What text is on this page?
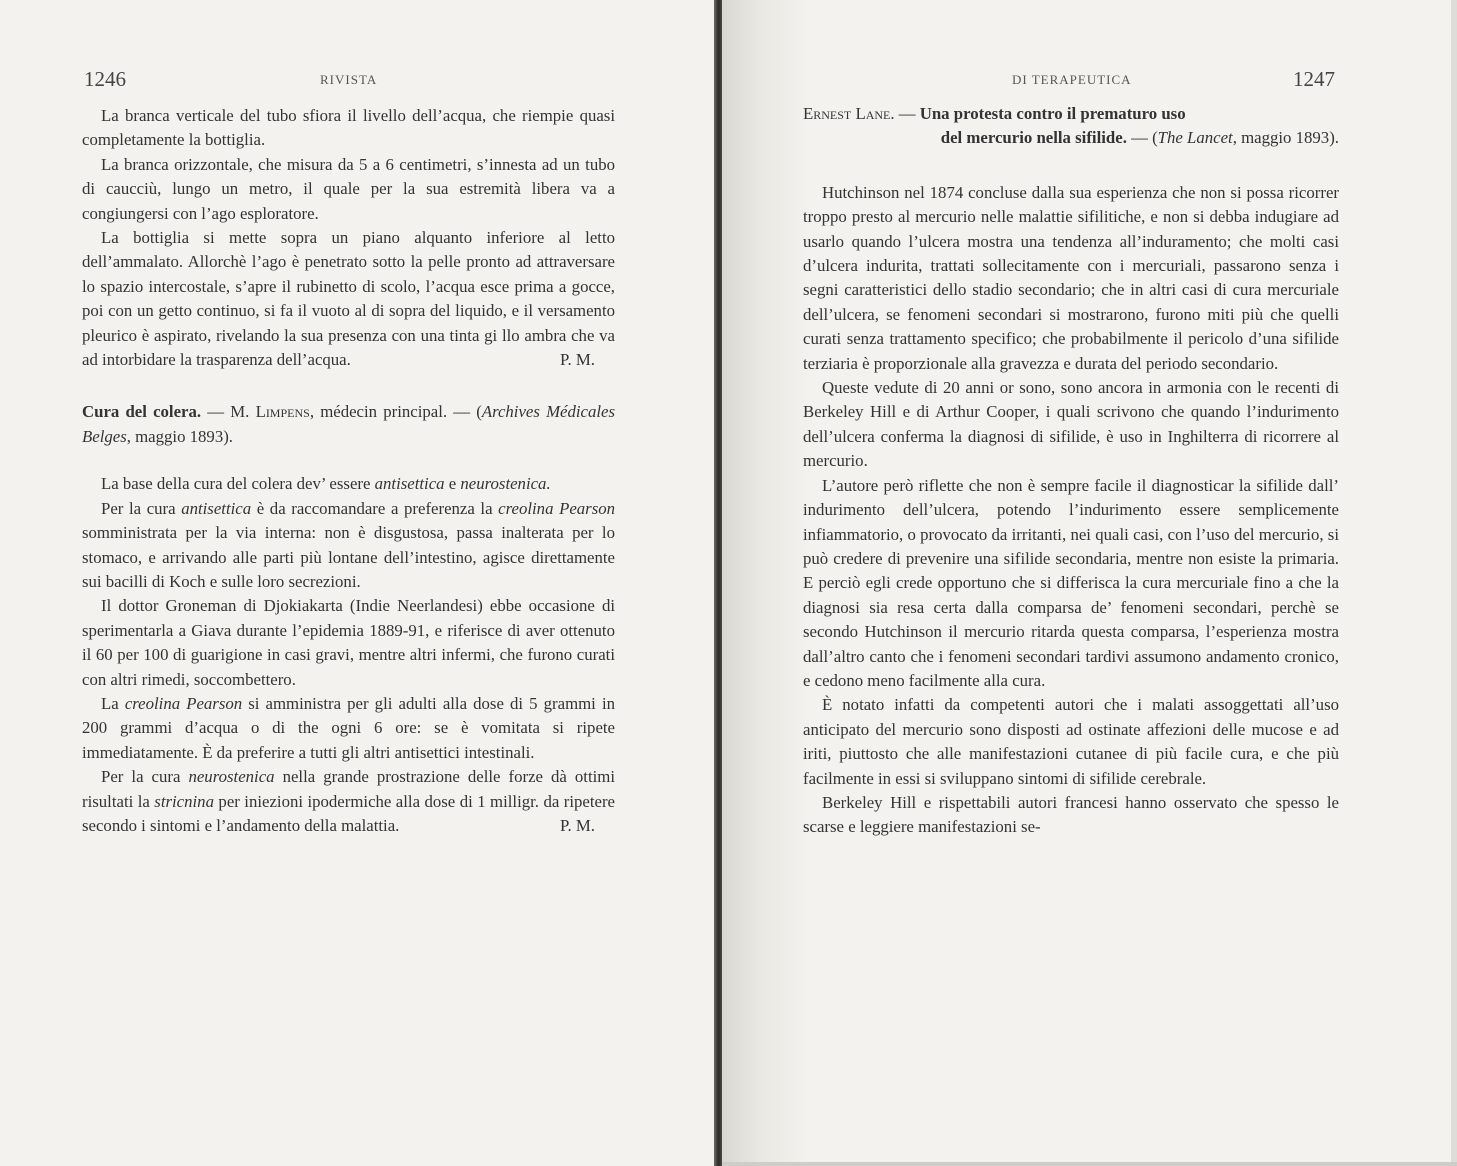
1246	RIVISTA

La branca verticale del tubo sfiora il livello dell’acqua, che riempie quasi completamente la bottiglia.

La branca orizzontale, che misura da 5 a 6 centimetri, s’innesta ad un tubo di caucciù, lungo un metro, il quale per la sua estremità libera va a congiungersi con l’ago esploratore.

La bottiglia si mette sopra un piano alquanto inferiore al letto dell’ammalato. Allorchè l’ago è penetrato sotto la pelle pronto ad attraversare lo spazio intercostale, s’apre il rubinetto di scolo, l’acqua esce prima a gocce, poi con un getto continuo, si fa il vuoto al di sopra del liquido, e il versamento pleurico è aspirato, rivelando la sua presenza con una tinta gi llo ambra che va ad intorbidare la trasparenza dell’acqua.	P. M.

Cura del colera. — M. Limpens, médecin principal. — (Archives Médicales Belges, maggio 1893).

La base della cura del colera dev’ essere antisettica e neurostenica.

Per la cura antisettica è da raccomandare a preferenza la creolina Pearson somministrata per la via interna: non è disgustosa, passa inalterata per lo stomaco, e arrivando alle parti più lontane dell’intestino, agisce direttamente sui bacilli di Koch e sulle loro secrezioni.

Il dottor Groneman di Djokiakarta (Indie Neerlandesi) ebbe occasione di sperimentarla a Giava durante l’epidemia 1889-91, e riferisce di aver ottenuto il 60 per 100 di guarigione in casi gravi, mentre altri infermi, che furono curati con altri rimedi, soccombettero.

La creolina Pearson si amministra per gli adulti alla dose di 5 grammi in 200 grammi d’acqua o di the ogni 6 ore: se è vomitata si ripete immediatamente. È da preferire a tutti gli altri antisettici intestinali.

Per la cura neurostenica nella grande prostrazione delle forze dà ottimi risultati la stricnina per iniezioni ipodermiche alla dose di 1 milligr. da ripetere secondo i sintomi e l’andamento della malattia.	P. M.

DI TERAPEUTICA	1247

Ernest Lane. — Una protesta contro il prematuro uso

del mercurio nella sifilide. — (The Lancet, maggio 1893).

Hutchinson nel 1874 concluse dalla sua esperienza che non si possa ricorrer troppo presto al mercurio nelle malattie sifilitiche, e non si debba indugiare ad usarlo quando l’ulcera mostra una tendenza all’induramento; che molti casi d’ulcera indurita, trattati sollecitamente con i mercuriali, passarono senza i segni caratteristici dello stadio secondario; che in altri casi di cura mercuriale dell’ulcera, se fenomeni secondari si mostrarono, furono miti più che quelli curati senza trattamento specifico; che probabilmente il pericolo d’una sifilide terziaria è proporzionale alla gravezza e durata del periodo secondario.

Queste vedute di 20 anni or sono, sono ancora in armonia con le recenti di Berkeley Hill e di Arthur Cooper, i quali scrivono che quando l’indurimento dell’ulcera conferma la diagnosi di sifilide, è uso in Inghilterra di ricorrere al mercurio.

L’autore però riflette che non è sempre facile il diagnosticar la sifilide dall’ indurimento dell’ulcera, potendo l’indurimento essere semplicemente infiammatorio, o provocato da irritanti, nei quali casi, con l’uso del mercurio, si può credere di prevenire una sifilide secondaria, mentre non esiste la primaria. E perciò egli crede opportuno che si differisca la cura mercuriale fino a che la diagnosi sia resa certa dalla comparsa de’ fenomeni secondari, perchè se secondo Hutchinson il mercurio ritarda questa comparsa, l’esperienza mostra dall’altro canto che i fenomeni secondari tardivi assumono andamento cronico, e cedono meno facilmente alla cura.

È notato infatti da competenti autori che i malati assoggettati all’uso anticipato del mercurio sono disposti ad ostinate affezioni delle mucose e ad iriti, piuttosto che alle manifestazioni cutanee di più facile cura, e che più facilmente in essi si sviluppano sintomi di sifilide cerebrale.

Berkeley Hill e rispettabili autori francesi hanno osservato che spesso le scarse e leggiere manifestazioni se-
